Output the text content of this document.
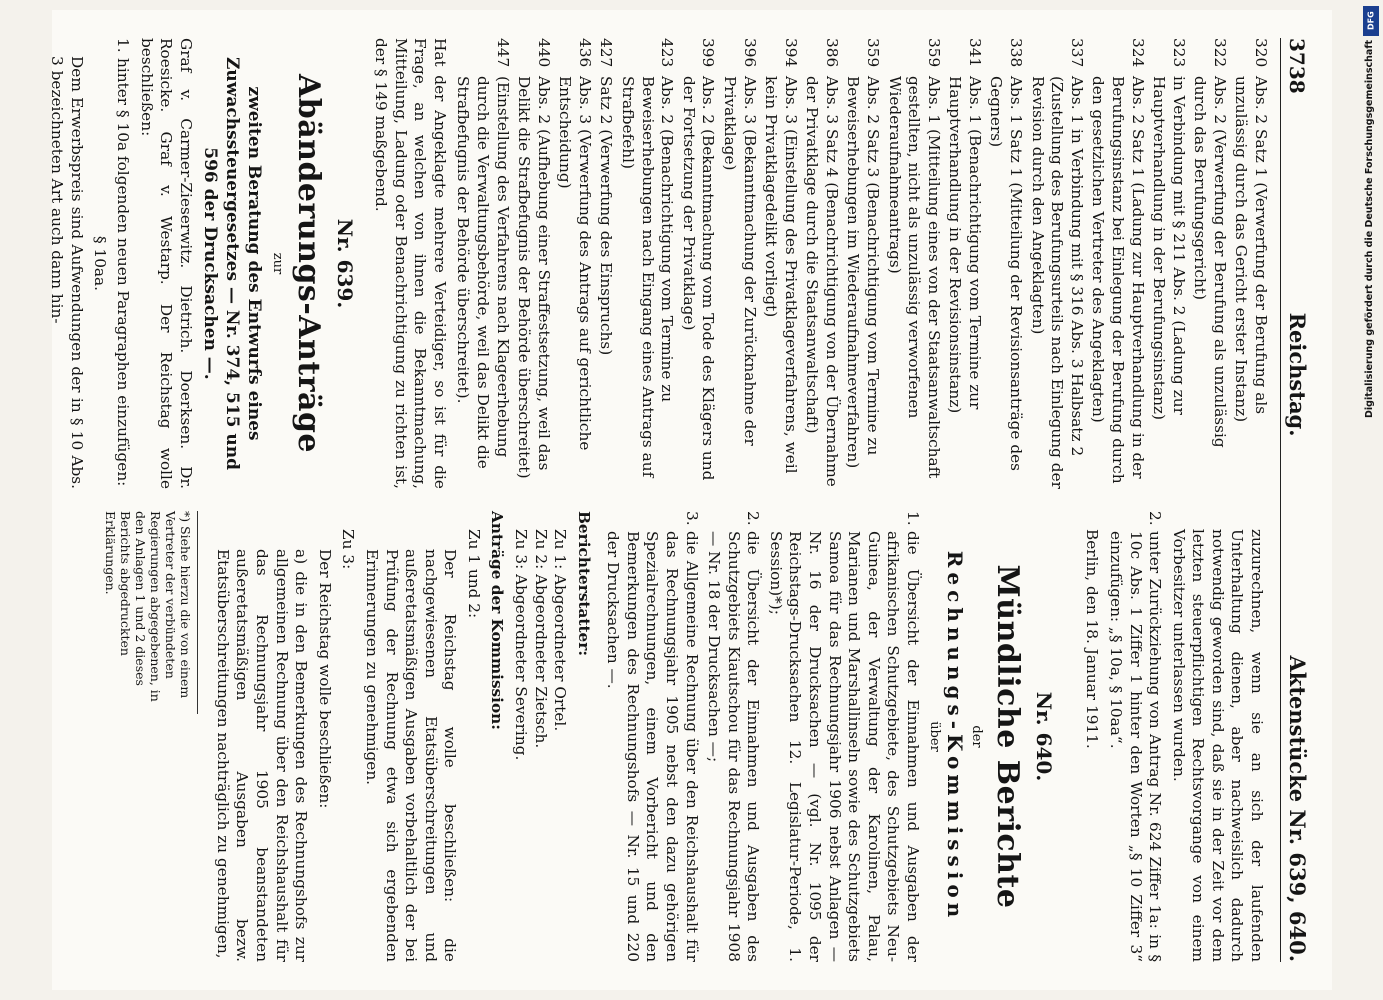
3738
Reichstag.
Aktenstücke Nr. 639, 640.
320
Abs. 2 Satz 1 (Verwerfung der Berufung als unzulässig durch das Gericht erster Instanz)
322
Abs. 2 (Verwerfung der Berufung als unzulässig durch das Berufungsgericht)
323
in Verbindung mit § 211 Abs. 2 (Ladung zur Hauptverhandlung in der Berufungsinstanz)
324
Abs. 2 Satz 1 (Ladung zur Hauptverhandlung in der Berufungsinstanz bei Einlegung der Berufung durch den gesetzlichen Vertreter des Angeklagten)
337
Abs. 1 in Verbindung mit § 316 Abs. 3 Halbsatz 2 (Zustellung des Berufungsurteils nach Einlegung der Revision durch den Angeklagten)
338
Abs. 1 Satz 1 (Mitteilung der Revisionsanträge des Gegners)
341
Abs. 1 (Benachrichtigung vom Termine zur Hauptverhandlung in der Revisionsinstanz)
359
Abs. 1 (Mitteilung eines von der Staatsanwaltschaft gestellten, nicht als unzulässig verworfenen Wiederaufnahmeantrags)
359
Abs. 2 Satz 3 (Benachrichtigung vom Termine zu Beweiserhebungen im Wiederaufnahmeverfahren)
386
Abs. 3 Satz 4 (Benachrichtigung von der Übernahme der Privatklage durch die Staatsanwaltschaft)
394
Abs. 3 (Einstellung des Privatklageverfahrens, weil kein Privatklagedelikt vorliegt)
396
Abs. 3 (Bekanntmachung der Zurücknahme der Privatklage)
399
Abs. 2 (Bekanntmachung vom Tode des Klägers und der Fortsetzung der Privatklage)
423
Abs. 2 (Benachrichtigung vom Termine zu Beweiserhebungen nach Eingang eines Antrags auf Strafbefehl)
427
Satz 2 (Verwerfung des Einspruchs)
436
Abs. 3 (Verwerfung des Antrags auf gerichtliche Entscheidung)
440
Abs. 2 (Aufhebung einer Straffestsetzung, weil das Delikt die Strafbefugnis der Behörde überschreitet)
447
(Einstellung des Verfahrens nach Klageerhebung durch die Verwaltungsbehörde, weil das Delikt die Strafbefugnis der Behörde überschreitet).

Hat der Angeklagte mehrere Verteidiger, so ist für die Frage, an welchen von ihnen die Bekanntmachung, Mitteilung, Ladung oder Benachrichtigung zu richten ist, der § 149 maßgebend.

Nr. 639.
Abänderungs-Anträge
zur

zweiten Beratung des Entwurfs eines Zuwachssteuergesetzes — Nr. 374, 515 und 596 der Drucksachen —.

Graf v. Carmer-Zieserwitz. Dietrich. Doerksen. Dr. Roesicke. Graf v. Westarp. Der Reichstag wolle beschließen:

1.
hinter § 10a folgenden neuen Paragraphen einzufügen:
§ 10aa.

Dem Erwerbspreis sind Aufwendungen der in § 10 Abs. 3 bezeichneten Art auch dann hin-

zuzurechnen, wenn sie an sich der laufenden Unterhaltung dienen, aber nachweislich dadurch notwendig geworden sind, daß sie in der Zeit vor dem letzten steuerpflichtigen Rechtsvorgange von einem Vorbesitzer unterlassen wurden.

2.
unter Zurückziehung von Antrag Nr. 624 Ziffer 1a: in § 10c Abs. 1 Ziffer 1 hinter den Worten „§ 10 Ziffer 3“ einzufügen: „§ 10a, § 10aa“.

Berlin, den 18. Januar 1911.

Nr. 640.
Mündliche Berichte
der
Rechnungs-Kommission
über
1.
die Übersicht der Einnahmen und Ausgaben der afrikanischen Schutzgebiete, des Schutzgebiets Neu-Guinea, der Verwaltung der Karolinen, Palau, Marianen und Marshallinseln sowie des Schutzgebiets Samoa für das Rechnungsjahr 1906 nebst Anlagen — Nr. 16 der Drucksachen — (vgl. Nr. 1095 der Reichstags-Drucksachen 12. Legislatur-Periode, 1. Session)*);
2.
die Übersicht der Einnahmen und Ausgaben des Schutzgebiets Kiautschou für das Rechnungsjahr 1908 — Nr. 18 der Drucksachen —;
3.
die Allgemeine Rechnung über den Reichshaushalt für das Rechnungsjahr 1905 nebst den dazu gehörigen Spezialrechnungen, einem Vorbericht und den Bemerkungen des Rechnungshofs — Nr. 15 und 220 der Drucksachen —.

Berichterstatter:

Zu 1: Abgeordneter Ortel.
Zu 2: Abgeordneter Zietsch.
Zu 3: Abgeordneter Severing.

Anträge der Kommission:

Zu 1 und 2:

Der Reichstag wolle beschließen: die nachgewiesenen Etatsüberschreitungen und außeretatsmäßigen Ausgaben vorbehaltlich der bei Prüfung der Rechnung etwa sich ergebenden Erinnerungen zu genehmigen.

Zu 3:

Der Reichstag wolle beschließen:

a) die in den Bemerkungen des Rechnungshofs zur allgemeinen Rechnung über den Reichshaushalt für das Rechnungsjahr 1905 beanstandeten außeretatsmäßigen Ausgaben bezw. Etatsüberschreitungen nachträglich zu genehmigen,

*) Siehe hierzu die von einem Vertreter der verbündeten Regierungen abgegebenen, in den Anlagen 1 und 2 dieses Berichts abgedruckten Erklärungen.
DFG
Digitalisierung gefördert durch die Deutsche Forschungsgemeinschaft
